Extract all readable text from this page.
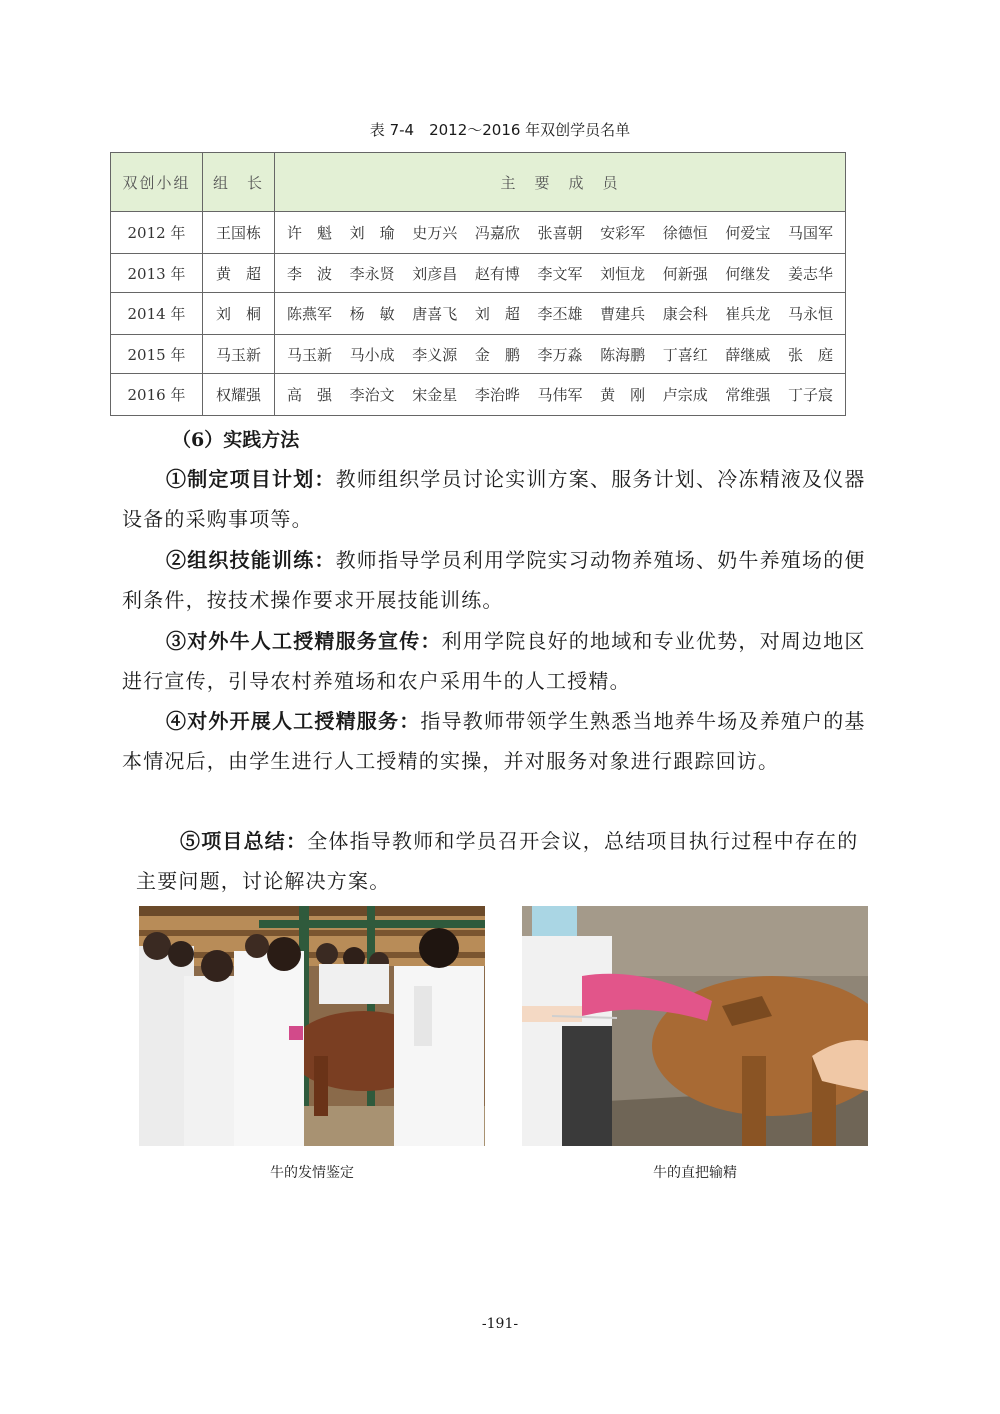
表 7-4　2012～2016 年双创学员名单
双创小组	组　长	主　要　成　员
2012 年	王国栋	许　魁 刘　瑜 史万兴 冯嘉欣 张喜朝 安彩军 徐德恒 何爱宝 马国军
2013 年	黄　超	李　波 李永贤 刘彦昌 赵有博 李文军 刘恒龙 何新强 何继发 姜志华
2014 年	刘　桐	陈燕军 杨　敏 唐喜飞 刘　超 李丕雄 曹建兵 康会科 崔兵龙 马永恒
2015 年	马玉新	马玉新 马小成 李义源 金　鹏 李万淼 陈海鹏 丁喜红 薛继威 张　庭
2016 年	权耀强	高　强 李治文 宋金星 李治晔 马伟军 黄　刚 卢宗成 常维强 丁子宸
（6）实践方法

①制定项目计划：教师组织学员讨论实训方案、服务计划、冷冻精液及仪器设备的采购事项等。

②组织技能训练：教师指导学员利用学院实习动物养殖场、奶牛养殖场的便利条件，按技术操作要求开展技能训练。

③对外牛人工授精服务宣传：利用学院良好的地域和专业优势，对周边地区进行宣传，引导农村养殖场和农户采用牛的人工授精。

④对外开展人工授精服务：指导教师带领学生熟悉当地养牛场及养殖户的基本情况后，由学生进行人工授精的实操，并对服务对象进行跟踪回访。

⑤项目总结：全体指导教师和学员召开会议，总结项目执行过程中存在的主要问题，讨论解决方案。

牛的发情鉴定	牛的直把输精
-191-
